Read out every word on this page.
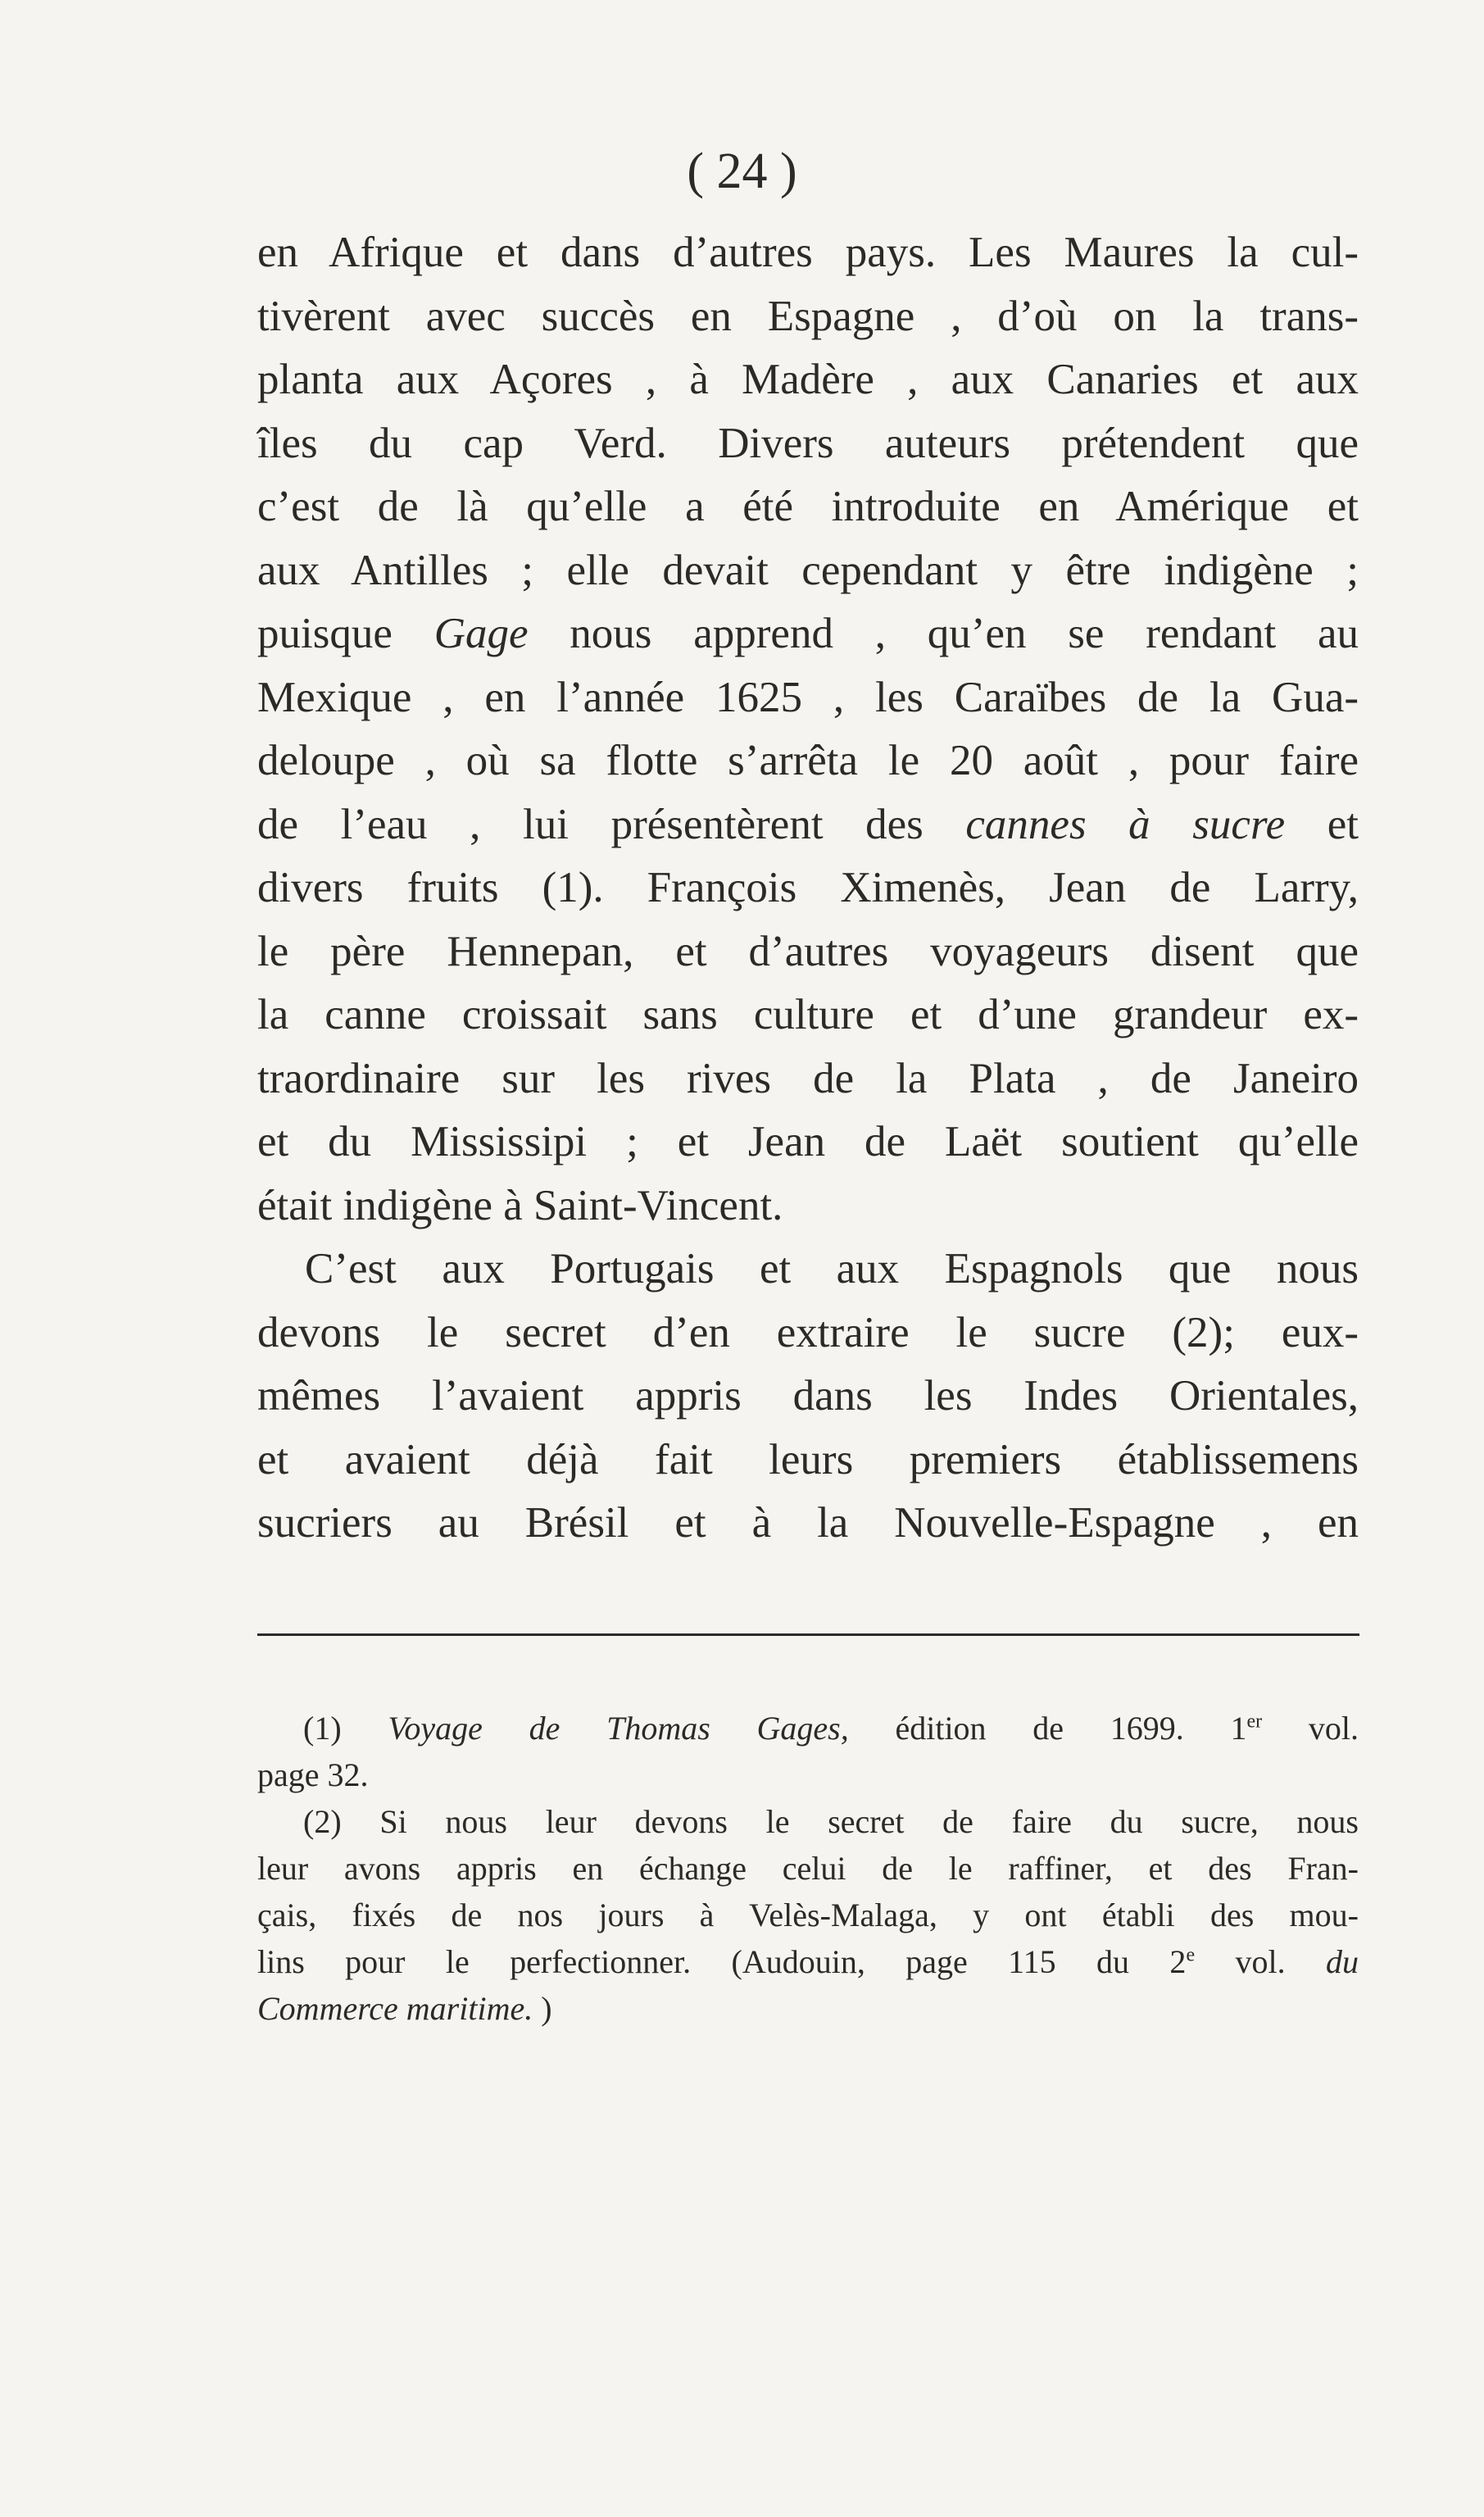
( 24 )
en Afrique et dans d’autres pays. Les Maures la cul-
tivèrent avec succès en Espagne , d’où on la trans-
planta aux Açores , à Madère , aux Canaries et aux
îles du cap Verd. Divers auteurs prétendent que
c’est de là qu’elle a été introduite en Amérique et
aux Antilles ; elle devait cependant y être indigène ;
puisque Gage nous apprend , qu’en se rendant au
Mexique , en l’année 1625 , les Caraïbes de la Gua-
deloupe , où sa flotte s’arrêta le 20 août , pour faire
de l’eau , lui présentèrent des cannes à sucre et
divers fruits (1). François Ximenès, Jean de Larry,
le père Hennepan, et d’autres voyageurs disent que
la canne croissait sans culture et d’une grandeur ex-
traordinaire sur les rives de la Plata , de Janeiro
et du Mississipi ; et Jean de Laët soutient qu’elle
était indigène à Saint-Vincent.
C’est aux Portugais et aux Espagnols que nous
devons le secret d’en extraire le sucre (2); eux-
mêmes l’avaient appris dans les Indes Orientales,
et avaient déjà fait leurs premiers établissemens
sucriers au Brésil et à la Nouvelle-Espagne , en
(1) Voyage de Thomas Gages, édition de 1699. 1er vol.
page 32.
(2) Si nous leur devons le secret de faire du sucre, nous
leur avons appris en échange celui de le raffiner, et des Fran-
çais, fixés de nos jours à Velès-Malaga, y ont établi des mou-
lins pour le perfectionner. (Audouin, page 115 du 2e vol. du
Commerce maritime. )
